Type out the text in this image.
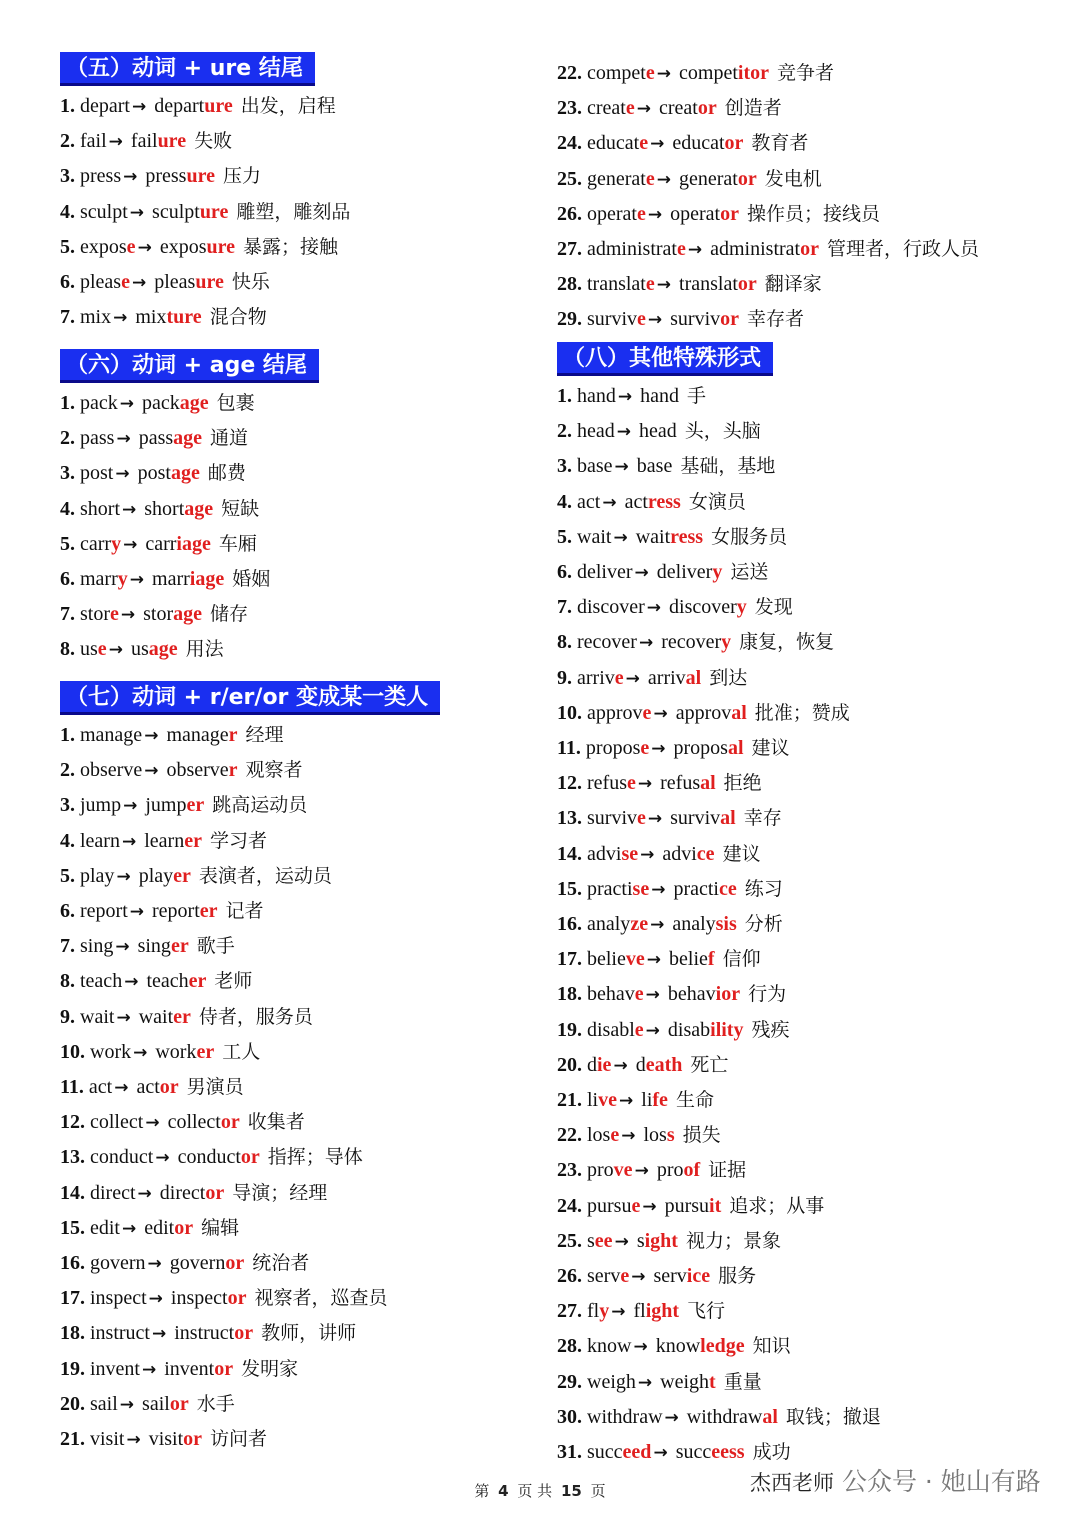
（五）动词 + ure 结尾
1. depart → departure 出发，启程
2. fail → failure 失败
3. press → pressure 压力
4. sculpt → sculpture 雕塑，雕刻品
5. expose → exposure 暴露；接触
6. please → pleasure 快乐
7. mix → mixture 混合物
（六）动词 + age 结尾
1. pack → package 包裹
2. pass → passage 通道
3. post → postage 邮费
4. short → shortage 短缺
5. carry → carriage 车厢
6. marry → marriage 婚姻
7. store → storage 储存
8. use → usage 用法
（七）动词 + r/er/or 变成某一类人
1. manage → manager 经理
2. observe → observer 观察者
3. jump → jumper 跳高运动员
4. learn → learner 学习者
5. play → player 表演者，运动员
6. report → reporter 记者
7. sing → singer 歌手
8. teach → teacher 老师
9. wait → waiter 侍者，服务员
10. work → worker 工人
11. act → actor 男演员
12. collect → collector 收集者
13. conduct → conductor 指挥；导体
14. direct → director 导演；经理
15. edit → editor 编辑
16. govern → governor 统治者
17. inspect → inspector 视察者，巡查员
18. instruct → instructor 教师，讲师
19. invent → inventor 发明家
20. sail → sailor 水手
21. visit → visitor 访问者
22. compete → competitor 竞争者
23. create → creator 创造者
24. educate → educator 教育者
25. generate → generator 发电机
26. operate → operator 操作员；接线员
27. administrate → administrator 管理者，行政人员
28. translate → translator 翻译家
29. survive → survivor 幸存者
（八）其他特殊形式
1. hand → hand 手
2. head → head 头，头脑
3. base → base 基础，基地
4. act → actress 女演员
5. wait → waitress 女服务员
6. deliver → delivery 运送
7. discover → discovery 发现
8. recover → recovery 康复，恢复
9. arrive → arrival 到达
10. approve → approval 批准；赞成
11. propose → proposal 建议
12. refuse → refusal 拒绝
13. survive → survival 幸存
14. advise → advice 建议
15. practise → practice 练习
16. analyze → analysis 分析
17. believe → belief 信仰
18. behave → behavior 行为
19. disable → disability 残疾
20. die → death 死亡
21. live → life 生命
22. lose → loss 损失
23. prove → proof 证据
24. pursue → pursuit 追求；从事
25. see → sight 视力；景象
26. serve → service 服务
27. fly → flight 飞行
28. know → knowledge 知识
29. weigh → weight 重量
30. withdraw → withdrawal 取钱；撤退
31. succeed → succeess 成功
第 4 页 共 15 页	杰西老师 公众号 · 她山有路
